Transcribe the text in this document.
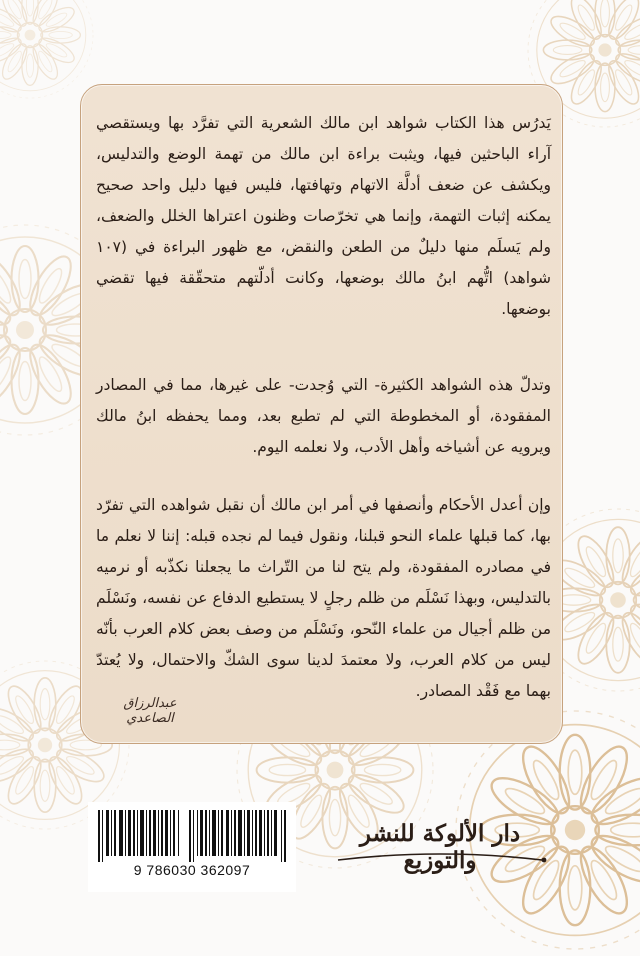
يَدرُس هذا الكتاب شواهد ابن مالك الشعرية التي تفرَّد بها ويستقصي آراء الباحثين فيها، ويثبت براءة ابن مالك من تهمة الوضع والتدليس، ويكشف عن ضعف أدلَّة الاتهام وتهافتها، فليس فيها دليل واحد صحيح يمكنه إثبات التهمة، وإنما هي تخرّصات وظنون اعتراها الخلل والضعف، ولم يَسلَم منها دليلٌ من الطعن والنقض، مع ظهور البراءة في (١٠٧ شواهد) اتُّهم ابنُ مالك بوضعها، وكانت أدلّتهم متحقّقة فيها تقضي بوضعها.

وتدلّ هذه الشواهد الكثيرة- التي وُجدت- على غيرها، مما في المصادر المفقودة، أو المخطوطة التي لم تطبع بعد، ومما يحفظه ابنُ مالك ويرويه عن أشياخه وأهل الأدب، ولا نعلمه اليوم.

وإن أعدل الأحكام وأنصفها في أمر ابن مالك أن نقبل شواهده التي تفرّد بها، كما قبلها علماء النحو قبلنا، ونقول فيما لم نجده قبله: إننا لا نعلم ما في مصادره المفقودة، ولم يتح لنا من التّراث ما يجعلنا نكذّبه أو نرميه بالتدليس، وبهذا نَسْلَم من ظلم رجلٍ لا يستطيع الدفاع عن نفسه، ونَسْلَم من ظلم أجيال من علماء النّحو، ونَسْلَم من وصف بعض كلام العرب بأنّه ليس من كلام العرب، ولا معتمدَ لدينا سوى الشكّ والاحتمال، ولا يُعتدّ بهما مع فَقْد المصادر.

عبدالرزاق الصاعدي
9 786030 362097
دار الألوكة للنشر والتوزيع
